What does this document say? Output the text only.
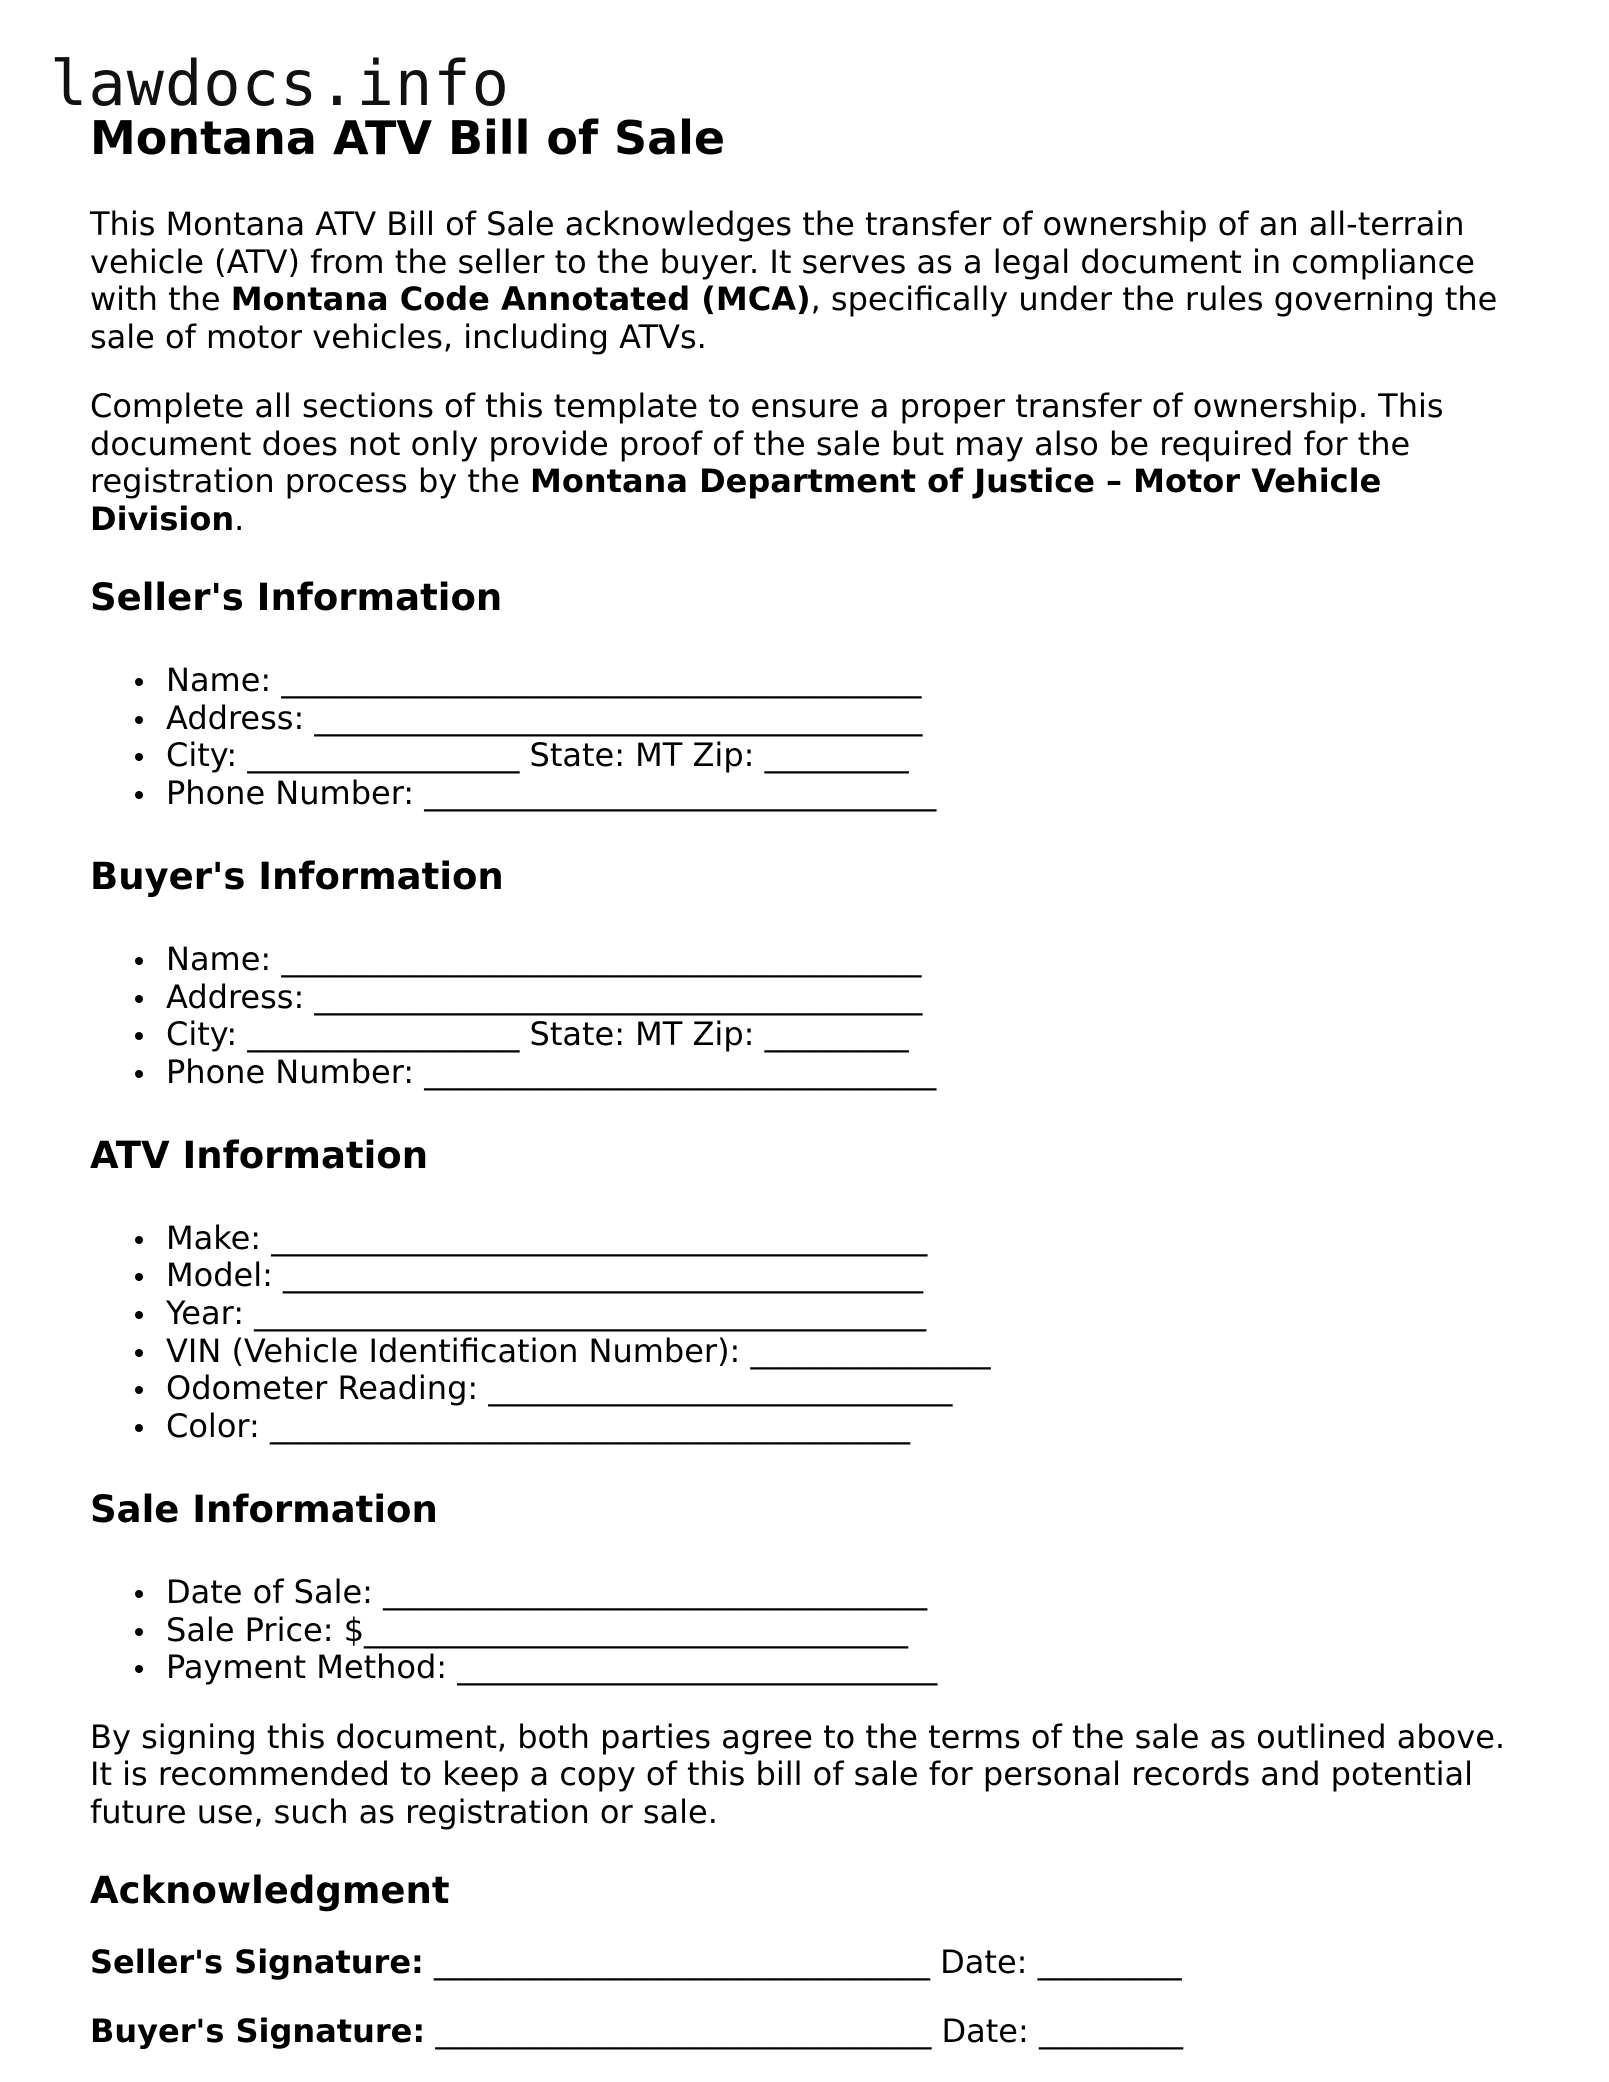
lawdocs.info
Montana ATV Bill of Sale

This Montana ATV Bill of Sale acknowledges the transfer of ownership of an all-terrain vehicle (ATV) from the seller to the buyer. It serves as a legal document in compliance with the Montana Code Annotated (MCA), specifically under the rules governing the sale of motor vehicles, including ATVs.

Complete all sections of this template to ensure a proper transfer of ownership. This document does not only provide proof of the sale but may also be required for the registration process by the Montana Department of Justice – Motor Vehicle Division.

Seller's Information
Name: ________________________________________
Address: ______________________________________
City: _________________ State: MT Zip: _________
Phone Number: ________________________________
Buyer's Information
Name: ________________________________________
Address: ______________________________________
City: _________________ State: MT Zip: _________
Phone Number: ________________________________
ATV Information
Make: _________________________________________
Model: ________________________________________
Year: __________________________________________
VIN (Vehicle Identification Number): _______________
Odometer Reading: _____________________________
Color: ________________________________________
Sale Information
Date of Sale: __________________________________
Sale Price: $__________________________________
Payment Method: ______________________________

By signing this document, both parties agree to the terms of the sale as outlined above. It is recommended to keep a copy of this bill of sale for personal records and potential future use, such as registration or sale.

Acknowledgment
Seller's Signature: _______________________________ Date: _________
Buyer's Signature: _______________________________ Date: _________
